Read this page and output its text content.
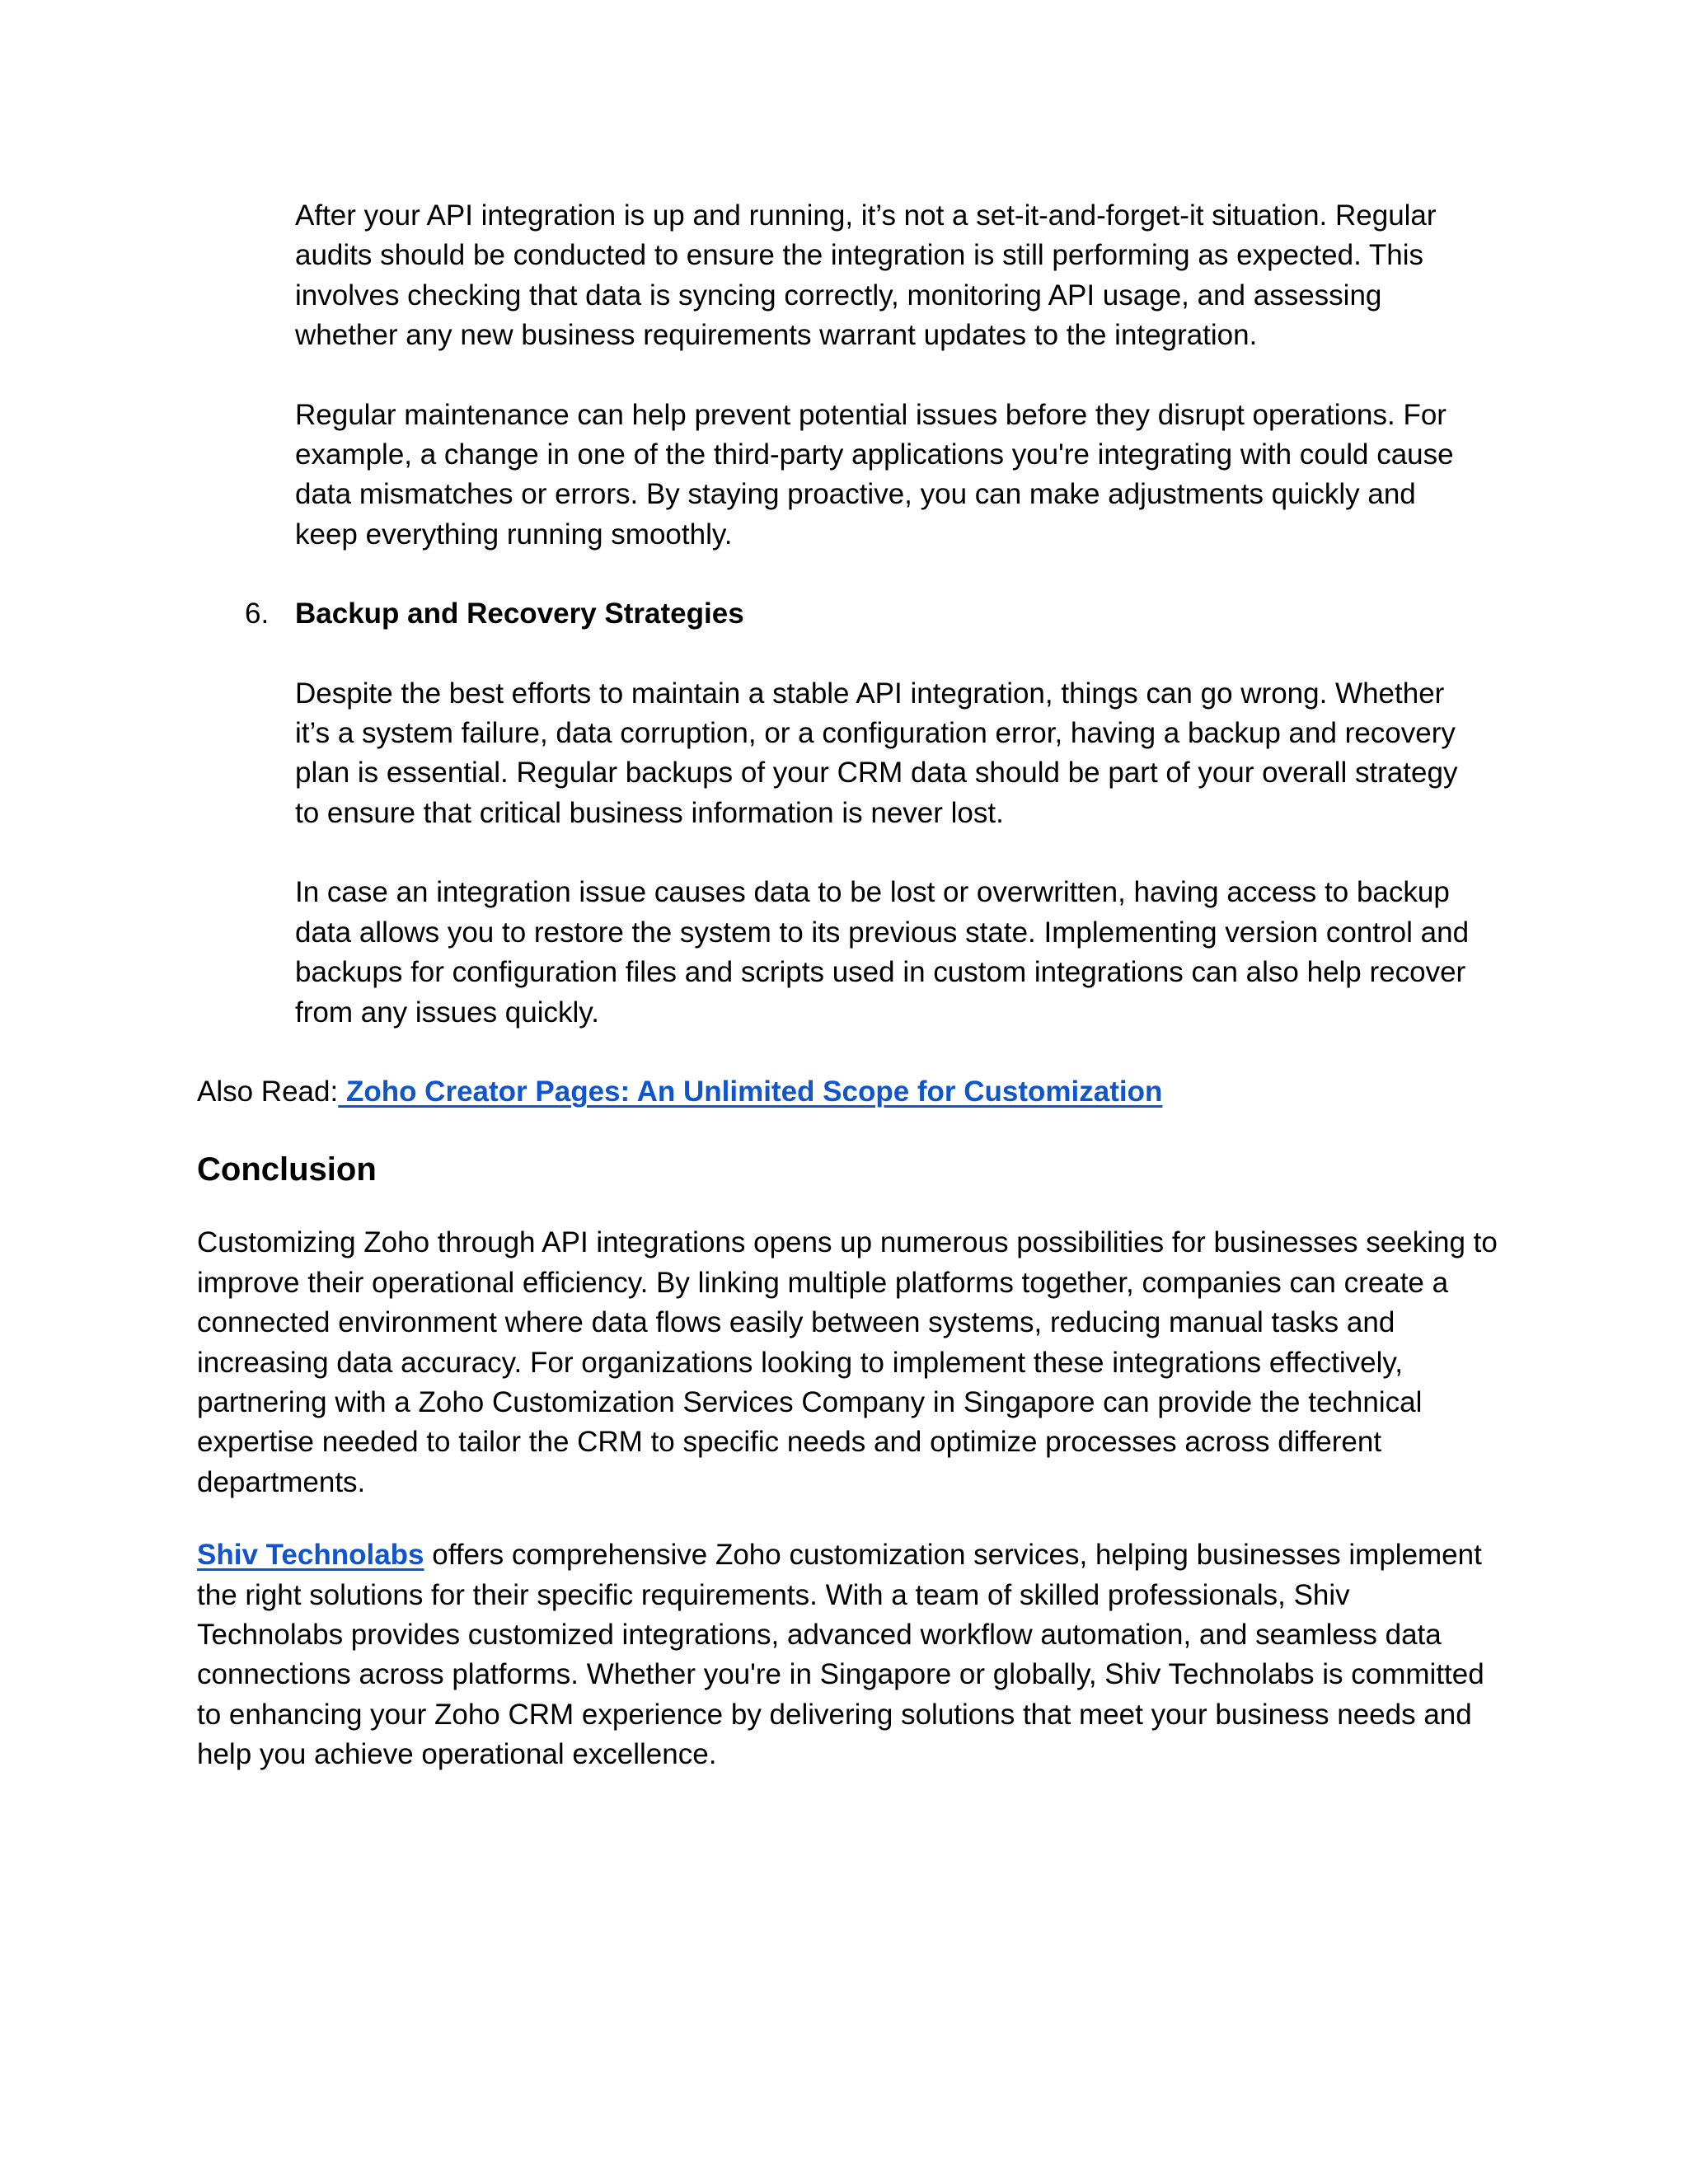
After your API integration is up and running, it’s not a set-it-and-forget-it situation. Regular audits should be conducted to ensure the integration is still performing as expected. This involves checking that data is syncing correctly, monitoring API usage, and assessing whether any new business requirements warrant updates to the integration.

Regular maintenance can help prevent potential issues before they disrupt operations. For example, a change in one of the third-party applications you're integrating with could cause data mismatches or errors. By staying proactive, you can make adjustments quickly and keep everything running smoothly.

6. Backup and Recovery Strategies

Despite the best efforts to maintain a stable API integration, things can go wrong. Whether it’s a system failure, data corruption, or a configuration error, having a backup and recovery plan is essential. Regular backups of your CRM data should be part of your overall strategy to ensure that critical business information is never lost.

In case an integration issue causes data to be lost or overwritten, having access to backup data allows you to restore the system to its previous state. Implementing version control and backups for configuration files and scripts used in custom integrations can also help recover from any issues quickly.

Also Read: Zoho Creator Pages: An Unlimited Scope for Customization

Conclusion

Customizing Zoho through API integrations opens up numerous possibilities for businesses seeking to improve their operational efficiency. By linking multiple platforms together, companies can create a connected environment where data flows easily between systems, reducing manual tasks and increasing data accuracy. For organizations looking to implement these integrations effectively, partnering with a Zoho Customization Services Company in Singapore can provide the technical expertise needed to tailor the CRM to specific needs and optimize processes across different departments.

Shiv Technolabs offers comprehensive Zoho customization services, helping businesses implement the right solutions for their specific requirements. With a team of skilled professionals, Shiv Technolabs provides customized integrations, advanced workflow automation, and seamless data connections across platforms. Whether you're in Singapore or globally, Shiv Technolabs is committed to enhancing your Zoho CRM experience by delivering solutions that meet your business needs and help you achieve operational excellence.
